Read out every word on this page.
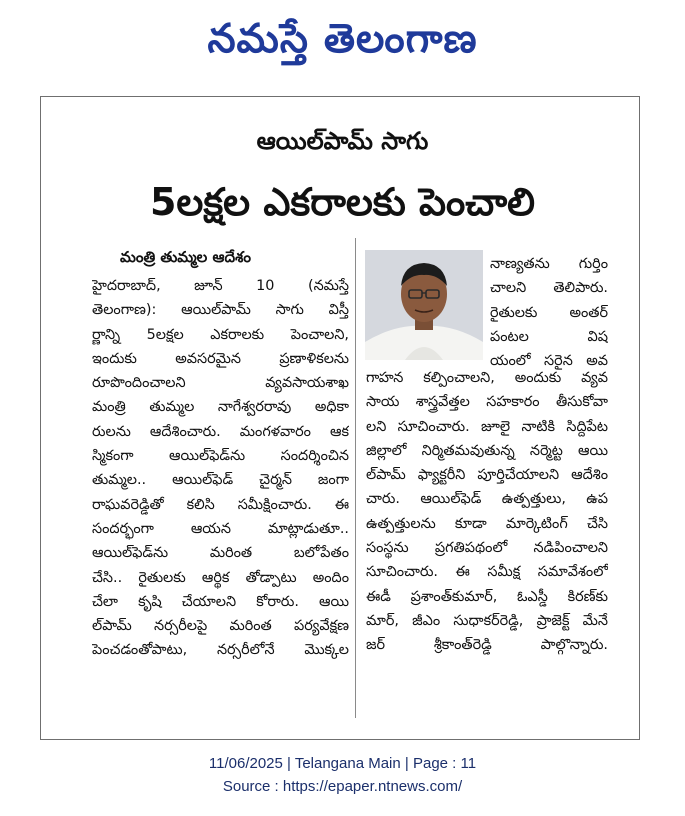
నమస్తే తెలంగాణ
ఆయిల్‌పామ్ సాగు
5లక్షల ఎకరాలకు పెంచాలి
మంత్రి తుమ్మల ఆదేశం
హైదరాబాద్, జూన్ 10 (నమస్తే
తెలంగాణ): ఆయిల్‌పామ్ సాగు విస్తీ
ర్ణాన్ని 5లక్షల ఎకరాలకు పెంచాలని,
ఇందుకు అవసరమైన ప్రణాళికలను
రూపొందించాలని వ్యవసాయశాఖ
మంత్రి తుమ్మల నాగేశ్వరరావు అధికా
రులను ఆదేశించారు. మంగళవారం ఆక
స్మికంగా ఆయిల్‌ఫెడ్‌ను సందర్శించిన
తుమ్మల.. ఆయిల్‌ఫెడ్ చైర్మన్ జంగా
రాఘవరెడ్డితో కలిసి సమీక్షించారు. ఈ
సందర్భంగా ఆయన మాట్లాడుతూ..
ఆయిల్‌ఫెడ్‌ను మరింత బలోపేతం
చేసి.. రైతులకు ఆర్థిక తోడ్పాటు అందిం
చేలా కృషి చేయాలని కోరారు. ఆయి
ల్‌పామ్ నర్సరీలపై మరింత పర్యవేక్షణ
పెంచడంతోపాటు, నర్సరీలోనే మొక్కల
నాణ్యతను గుర్తిం
చాలని తెలిపారు.
రైతులకు అంతర్
పంటల విష
యంలో సరైన అవ
గాహన కల్పించాలని, అందుకు వ్యవ
సాయ శాస్త్రవేత్తల సహకారం తీసుకోవా
లని సూచించారు. జూలై నాటికి సిద్దిపేట
జిల్లాలో నిర్మితమవుతున్న నర్మెట్ట ఆయి
ల్‌పామ్ ఫ్యాక్టరీని పూర్తిచేయాలని ఆదేశిం
చారు. ఆయిల్‌ఫెడ్ ఉత్పత్తులు, ఉప
ఉత్పత్తులను కూడా మార్కెటింగ్ చేసి
సంస్థను ప్రగతిపథంలో నడిపించాలని
సూచించారు. ఈ సమీక్ష సమావేశంలో
ఈడీ ప్రశాంత్‌కుమార్, ఓఎస్డీ కిరణ్‌కు
మార్, జీఎం సుధాకర్‌రెడ్డి, ప్రాజెక్ట్ మేనే
జర్ శ్రీకాంత్‌రెడ్డి పాల్గొన్నారు.
11/06/2025 | Telangana Main | Page : 11
Source : https://epaper.ntnews.com/
